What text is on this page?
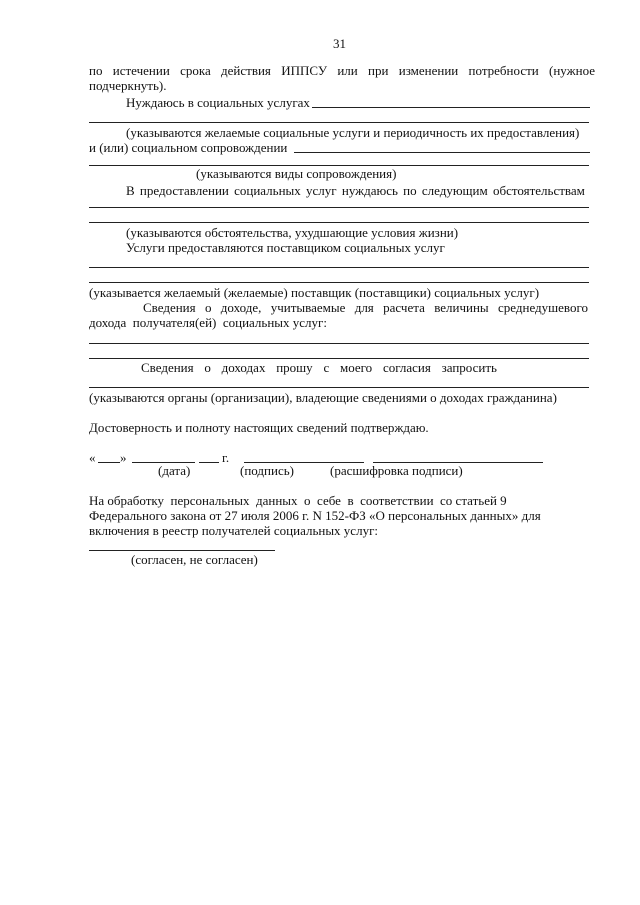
31
по истечении срока действия ИППСУ или при изменении потребности (нужное
подчеркнуть).
Нуждаюсь в социальных услугах
(указываются желаемые социальные услуги и периодичность их предоставления)
и (или) социальном сопровождении
(указываются виды сопровождения)
В предоставлении социальных услуг нуждаюсь по следующим обстоятельствам
(указываются обстоятельства, ухудшающие условия жизни)
Услуги предоставляются поставщиком социальных услуг
(указывается желаемый (желаемые) поставщик (поставщики) социальных услуг)
Сведения о доходе, учитываемые для расчета величины среднедушевого
дохода  получателя(ей)  социальных услуг:
Сведения о доходах прошу с моего согласия запросить
(указываются органы (организации), владеющие сведениями о доходах гражданина)
Достоверность и полноту настоящих сведений подтверждаю.
« »	г.
(дата)	(подпись)	(расшифровка подписи)
На обработку  персональных  данных  о  себе  в  соответствии  со статьей 9
Федерального закона от 27 июля 2006 г. N 152-ФЗ «О персональных данных» для
включения в реестр получателей социальных услуг:
(согласен, не согласен)
